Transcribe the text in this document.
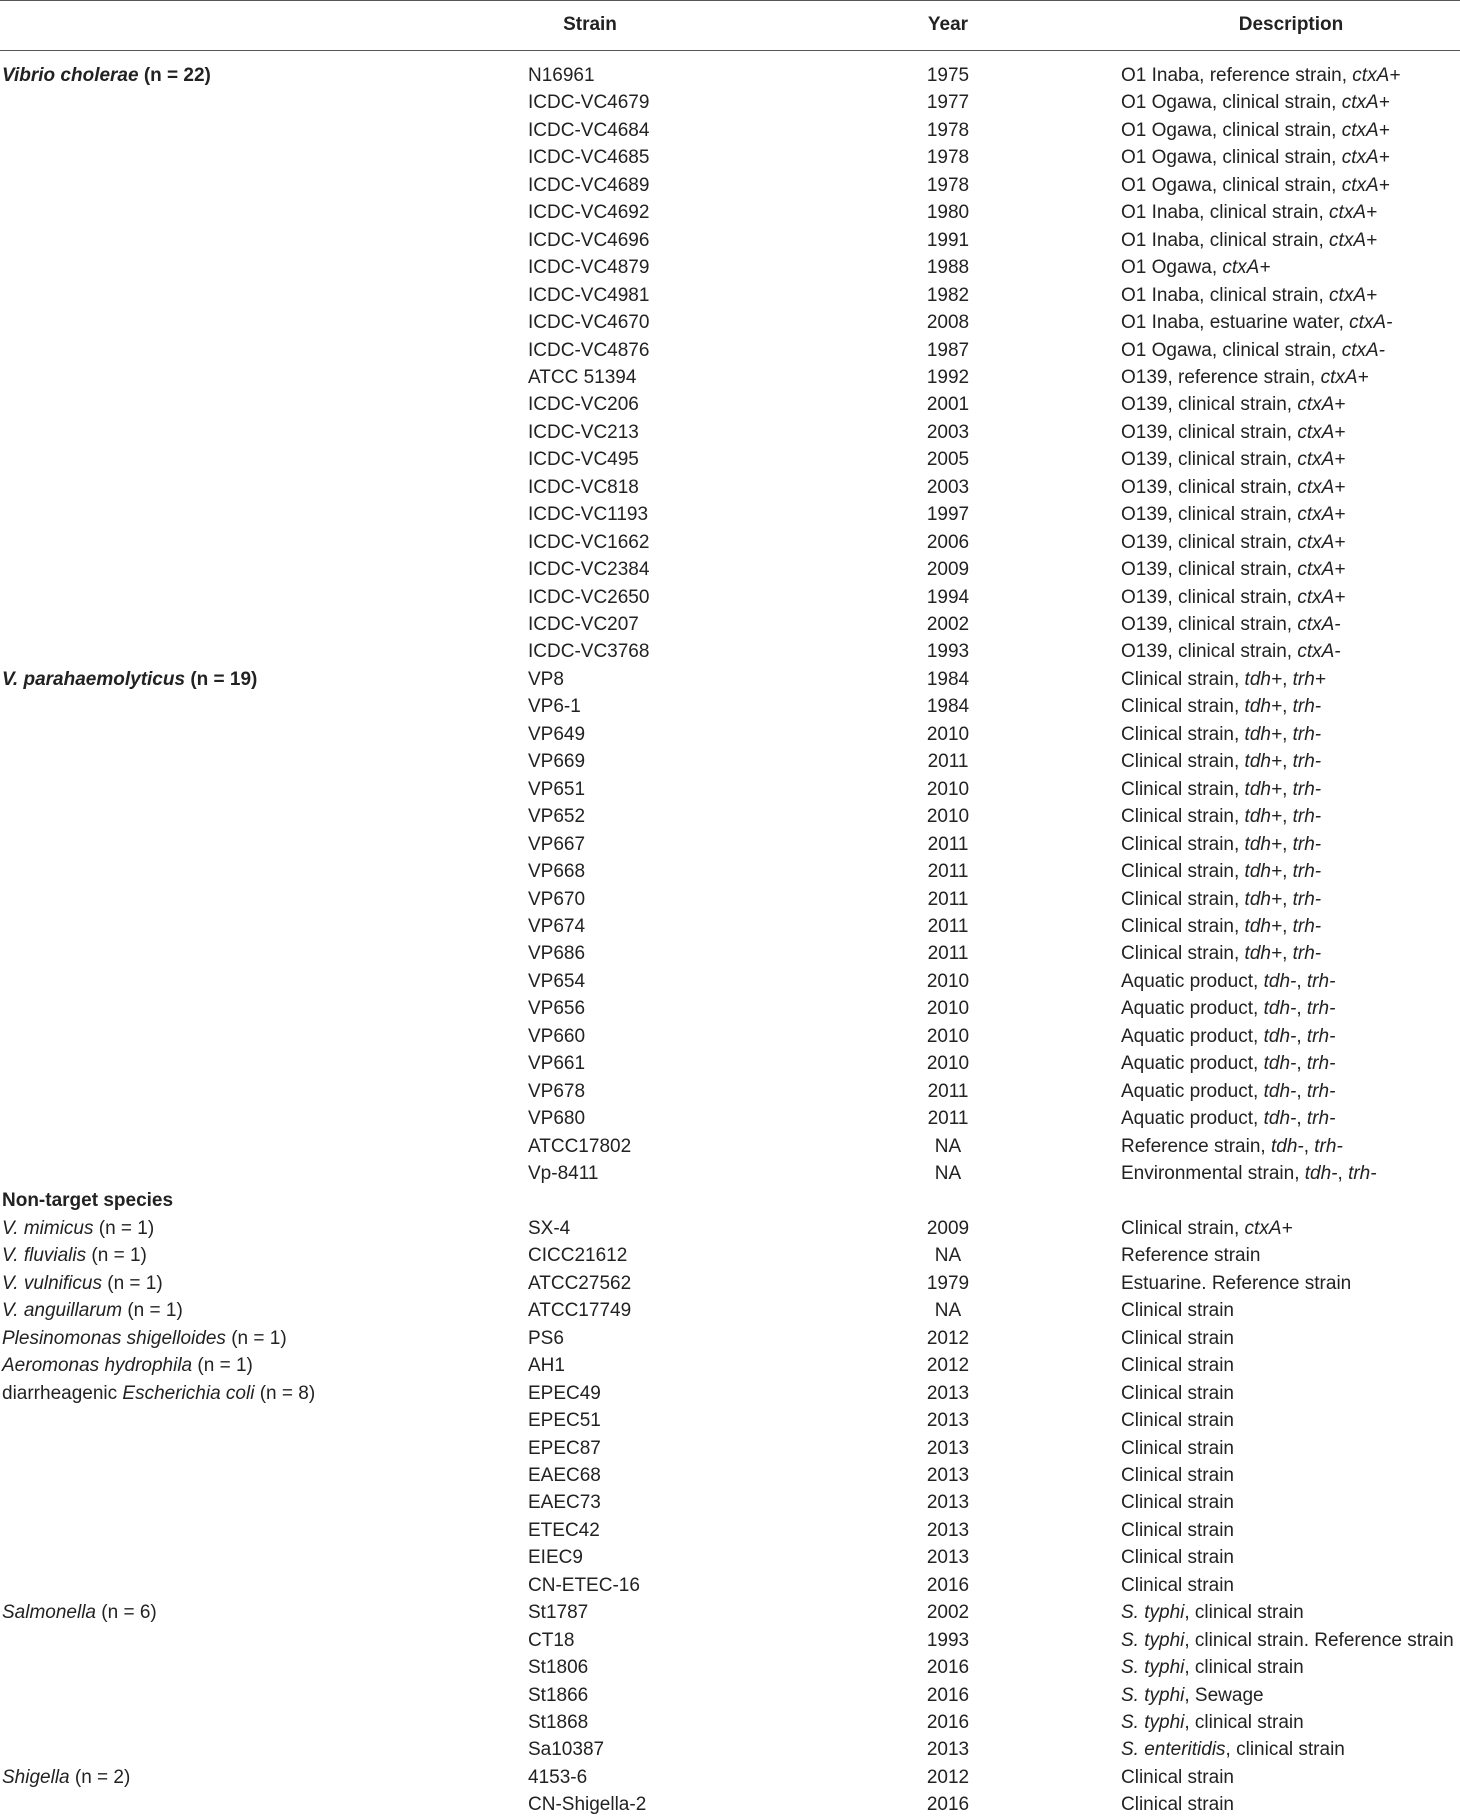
Strain	Year	Description
Vibrio cholerae (n = 22)	N16961	1975	O1 Inaba, reference strain, ctxA+
ICDC-VC4679	1977	O1 Ogawa, clinical strain, ctxA+
ICDC-VC4684	1978	O1 Ogawa, clinical strain, ctxA+
ICDC-VC4685	1978	O1 Ogawa, clinical strain, ctxA+
ICDC-VC4689	1978	O1 Ogawa, clinical strain, ctxA+
ICDC-VC4692	1980	O1 Inaba, clinical strain, ctxA+
ICDC-VC4696	1991	O1 Inaba, clinical strain, ctxA+
ICDC-VC4879	1988	O1 Ogawa, ctxA+
ICDC-VC4981	1982	O1 Inaba, clinical strain, ctxA+
ICDC-VC4670	2008	O1 Inaba, estuarine water, ctxA-
ICDC-VC4876	1987	O1 Ogawa, clinical strain, ctxA-
ATCC 51394	1992	O139, reference strain, ctxA+
ICDC-VC206	2001	O139, clinical strain, ctxA+
ICDC-VC213	2003	O139, clinical strain, ctxA+
ICDC-VC495	2005	O139, clinical strain, ctxA+
ICDC-VC818	2003	O139, clinical strain, ctxA+
ICDC-VC1193	1997	O139, clinical strain, ctxA+
ICDC-VC1662	2006	O139, clinical strain, ctxA+
ICDC-VC2384	2009	O139, clinical strain, ctxA+
ICDC-VC2650	1994	O139, clinical strain, ctxA+
ICDC-VC207	2002	O139, clinical strain, ctxA-
ICDC-VC3768	1993	O139, clinical strain, ctxA-
V. parahaemolyticus (n = 19)	VP8	1984	Clinical strain, tdh+, trh+
VP6-1	1984	Clinical strain, tdh+, trh-
VP649	2010	Clinical strain, tdh+, trh-
VP669	2011	Clinical strain, tdh+, trh-
VP651	2010	Clinical strain, tdh+, trh-
VP652	2010	Clinical strain, tdh+, trh-
VP667	2011	Clinical strain, tdh+, trh-
VP668	2011	Clinical strain, tdh+, trh-
VP670	2011	Clinical strain, tdh+, trh-
VP674	2011	Clinical strain, tdh+, trh-
VP686	2011	Clinical strain, tdh+, trh-
VP654	2010	Aquatic product, tdh-, trh-
VP656	2010	Aquatic product, tdh-, trh-
VP660	2010	Aquatic product, tdh-, trh-
VP661	2010	Aquatic product, tdh-, trh-
VP678	2011	Aquatic product, tdh-, trh-
VP680	2011	Aquatic product, tdh-, trh-
ATCC17802	NA	Reference strain, tdh-, trh-
Vp-8411	NA	Environmental strain, tdh-, trh-
Non-target species
V. mimicus (n = 1)	SX-4	2009	Clinical strain, ctxA+
V. fluvialis (n = 1)	CICC21612	NA	Reference strain
V. vulnificus (n = 1)	ATCC27562	1979	Estuarine. Reference strain
V. anguillarum (n = 1)	ATCC17749	NA	Clinical strain
Plesinomonas shigelloides (n = 1)	PS6	2012	Clinical strain
Aeromonas hydrophila (n = 1)	AH1	2012	Clinical strain
diarrheagenic Escherichia coli (n = 8)	EPEC49	2013	Clinical strain
EPEC51	2013	Clinical strain
EPEC87	2013	Clinical strain
EAEC68	2013	Clinical strain
EAEC73	2013	Clinical strain
ETEC42	2013	Clinical strain
EIEC9	2013	Clinical strain
CN-ETEC-16	2016	Clinical strain
Salmonella (n = 6)	St1787	2002	S. typhi, clinical strain
CT18	1993	S. typhi, clinical strain. Reference strain
St1806	2016	S. typhi, clinical strain
St1866	2016	S. typhi, Sewage
St1868	2016	S. typhi, clinical strain
Sa10387	2013	S. enteritidis, clinical strain
Shigella (n = 2)	4153-6	2012	Clinical strain
CN-Shigella-2	2016	Clinical strain
